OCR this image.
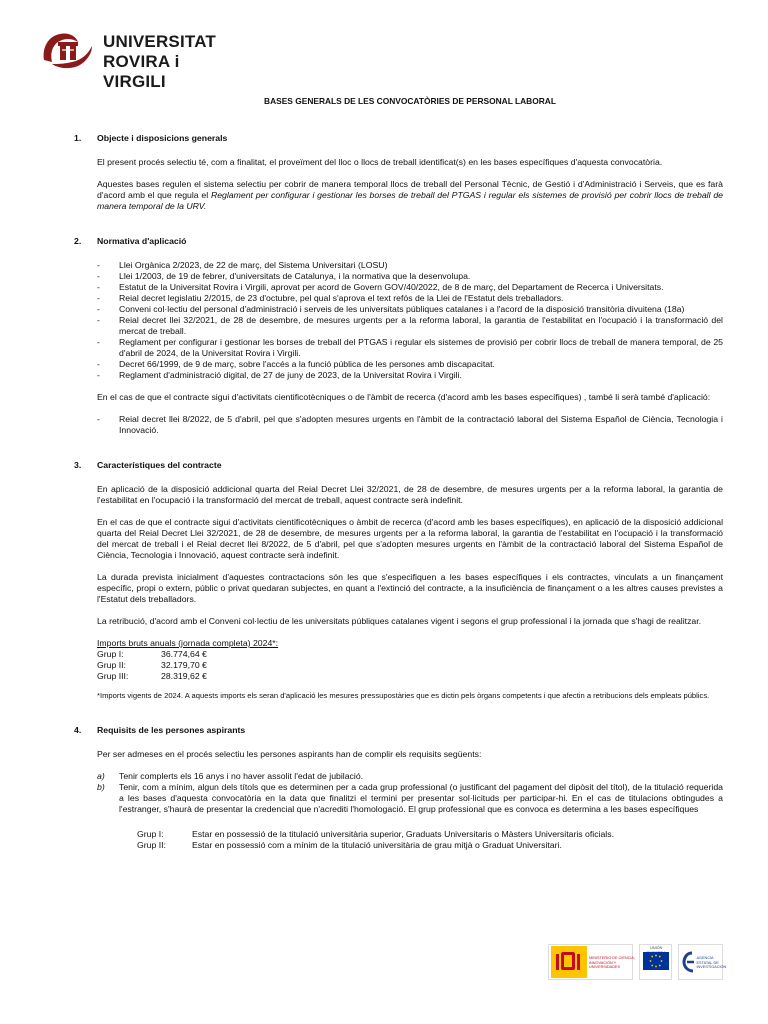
UNIVERSITAT
ROVIRA i VIRGILI
BASES GENERALS DE LES CONVOCATÒRIES DE PERSONAL LABORAL
1. Objecte i disposicions generals

El present procés selectiu té, com a finalitat, el proveïment del lloc o llocs de treball identificat(s) en les bases específiques d'aquesta convocatòria.

Aquestes bases regulen el sistema selectiu per cobrir de manera temporal llocs de treball del Personal Tècnic, de Gestió i d'Administració i Serveis, que es farà d'acord amb el que regula el Reglament per configurar i gestionar les borses de treball del PTGAS i regular els sistemes de provisió per cobrir llocs de treball de manera temporal de la URV.

2. Normativa d'aplicació
- Llei Orgànica 2/2023, de 22 de març, del Sistema Universitari (LOSU)
- Llei 1/2003, de 19 de febrer, d'universitats de Catalunya, i la normativa que la desenvolupa.
- Estatut de la Universitat Rovira i Virgili, aprovat per acord de Govern GOV/40/2022, de 8 de març, del Departament de Recerca i Universitats.
- Reial decret legislatiu 2/2015, de 23 d'octubre, pel qual s'aprova el text refós de la Llei de l'Estatut dels treballadors.
- Conveni col·lectiu del personal d'administració i serveis de les universitats públiques catalanes i a l'acord de la disposició transitòria divuitena (18a)
- Reial decret llei 32/2021, de 28 de desembre, de mesures urgents per a la reforma laboral, la garantia de l'estabilitat en l'ocupació i la transformació del mercat de treball.
- Reglament per configurar i gestionar les borses de treball del PTGAS i regular els sistemes de provisió per cobrir llocs de treball de manera temporal, de 25 d'abril de 2024, de la Universitat Rovira i Virgili.
- Decret 66/1999, de 9 de març, sobre l'accés a la funció pública de les persones amb discapacitat.
- Reglament d'administració digital, de 27 de juny de 2023, de la Universitat Rovira i Virgili.

En el cas de que el contracte sigui d'activitats cientificotècniques o de l'àmbit de recerca (d'acord amb les bases específiques) , també li serà també d'aplicació:

- Reial decret llei 8/2022, de 5 d'abril, pel que s'adopten mesures urgents en l'àmbit de la contractació laboral del Sistema Español de Ciència, Tecnologia i Innovació.
3. Característiques del contracte

En aplicació de la disposició addicional quarta del Reial Decret Llei 32/2021, de 28 de desembre, de mesures urgents per a la reforma laboral, la garantia de l'estabilitat en l'ocupació i la transformació del mercat de treball, aquest contracte serà indefinit.

En el cas de que el contracte sigui d'activitats cientificotècniques o àmbit de recerca (d'acord amb les bases específiques), en aplicació de la disposició addicional quarta del Reial Decret Llei 32/2021, de 28 de desembre, de mesures urgents per a la reforma laboral, la garantia de l'estabilitat en l'ocupació i la transformació del mercat de treball i el Reial decret llei 8/2022, de 5 d'abril, pel que s'adopten mesures urgents en l'àmbit de la contractació laboral del Sistema Español de Ciència, Tecnologia i Innovació, aquest contracte serà indefinit.

La durada prevista inicialment d'aquestes contractacions són les que s'especifiquen a les bases específiques i els contractes, vinculats a un finançament específic, propi o extern, públic o privat quedaran subjectes, en quant a l'extinció del contracte, a la insuficiència de finançament o a les altres causes previstes a l'Estatut dels treballadors.

La retribució, d'acord amb el Conveni col·lectiu de les universitats públiques catalanes vigent i segons el grup professional i la jornada que s'hagi de realitzar.

Imports bruts anuals (jornada completa) 2024*:
Grup I:	36.774,64 €
Grup II:	32.179,70 €
Grup III:	28.319,62 €
*Imports vigents de 2024. A aquests imports els seran d'aplicació les mesures pressupostàries que es dictin pels òrgans competents i que afectin a retribucions dels empleats públics.
4. Requisits de les persones aspirants

Per ser admeses en el procés selectiu les persones aspirants han de complir els requisits següents:

a) Tenir complerts els 16 anys i no haver assolit l'edat de jubilació.
b) Tenir, com a mínim, algun dels títols que es determinen per a cada grup professional (o justificant del pagament del dipòsit del títol), de la titulació requerida a les bases d'aquesta convocatòria en la data que finalitzi el termini per presentar sol·licituds per participar-hi. En el cas de titulacions obtingudes a l'estranger, s'haurà de presentar la credencial que n'acrediti l'homologació. El grup professional que es convoca es determina a les bases específiques
Grup I:	Estar en possessió de la titulació universitària superior, Graduats Universitaris o Màsters Universitaris oficials.
Grup II:	Estar en possessió com a mínim de la titulació universitària de grau mitjà o Graduat Universitari.
MINISTERIO DE CIENCIA, INNOVACIÓN Y UNIVERSIDADES
UNIÓN
AGENCIA ESTATAL DE INVESTIGACIÓN
